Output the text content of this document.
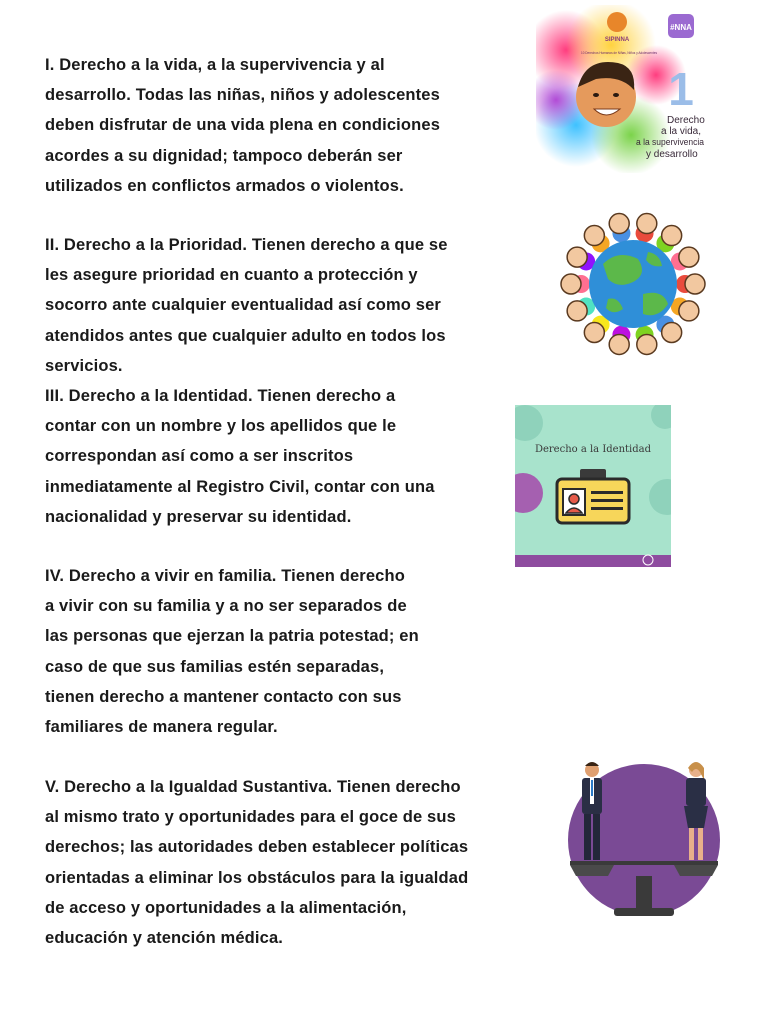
I. Derecho a la vida, a la supervivencia y al
desarrollo. Todas las niñas, niños y adolescentes
deben disfrutar de una vida plena en condiciones
acordes a su dignidad; tampoco deberán ser
utilizados en conflictos armados o violentos.
II. Derecho a la Prioridad. Tienen derecho a que se
les asegure prioridad en cuanto a protección y
socorro ante cualquier eventualidad así como ser
atendidos antes que cualquier adulto en todos los
servicios.
III. Derecho a la Identidad. Tienen derecho a
contar con un nombre y los apellidos que le
correspondan así como a ser inscritos
inmediatamente al Registro Civil, contar con una
nacionalidad y preservar su identidad.
IV. Derecho a vivir en familia. Tienen derecho
a vivir con su familia y a no ser separados de
las personas que ejerzan la patria potestad; en
caso de que sus familias estén separadas,
tienen derecho a mantener contacto con sus
familiares de manera regular.
V. Derecho a la Igualdad Sustantiva. Tienen derecho
al mismo trato y oportunidades para el goce de sus
derechos; las autoridades deben establecer políticas
orientadas a eliminar los obstáculos para la igualdad
de acceso y oportunidades a la alimentación,
educación y atención médica.
SIPINNA
10 Derechos Humanos de Niñas, Niños y Adolescentes
#NNA
1
Derecho
a la vida,
a la supervivencia
y desarrollo
Derecho a la Identidad
